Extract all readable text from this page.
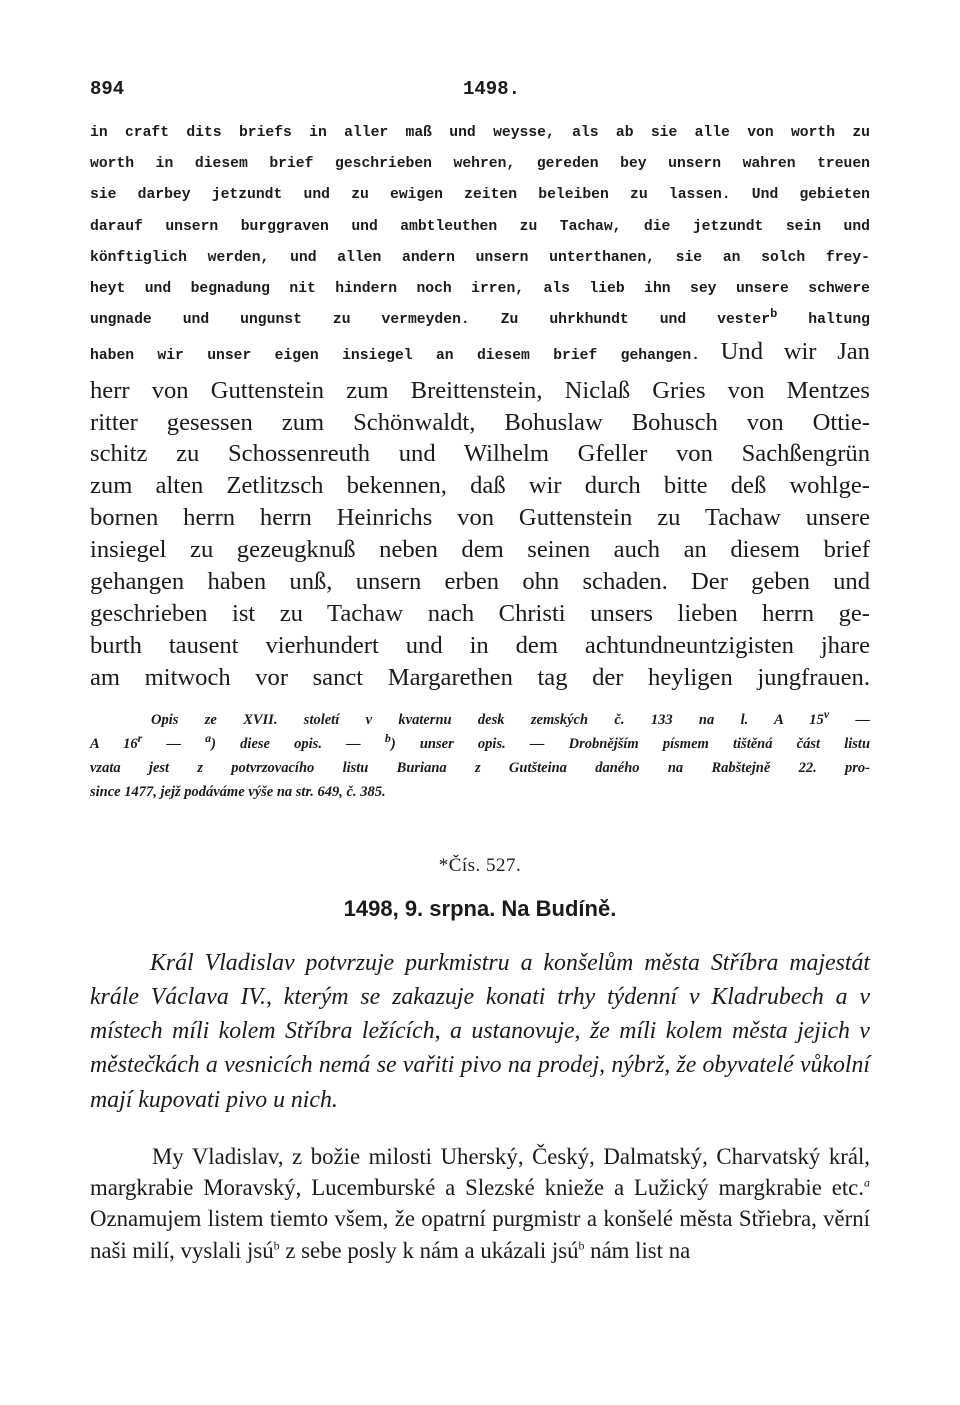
894	1498.
in craft dits briefs in aller maß und weysse, als ab sie alle von worth zu
worth in diesem brief geschrieben wehren, gereden bey unsern wahren treuen
sie darbey jetzundt und zu ewigen zeiten beleiben zu lassen. Und gebieten
darauf unsern burggraven und ambtleuthen zu Tachaw, die jetzundt sein und
könftiglich werden, und allen andern unsern unterthanen, sie an solch frey-
heyt und begnadung nit hindern noch irren, als lieb ihn sey unsere schwere
ungnade und ungunst zu vermeyden. Zu uhrkhundt und vester$^b$ haltung
haben wir unser eigen insiegel an diesem brief gehangen. Und wir Jan
herr von Guttenstein zum Breittenstein, Niclaß Gries von Mentzes
ritter gesessen zum Schönwaldt, Bohuslaw Bohusch von Ottie-
schitz zu Schossenreuth und Wilhelm Gfeller von Sachßengrün
zum alten Zetlitzsch bekennen, daß wir durch bitte deß wohlge-
bornen herrn herrn Heinrichs von Guttenstein zu Tachaw unsere
insiegel zu gezeugknuß neben dem seinen auch an diesem brief
gehangen haben unß, unsern erben ohn schaden. Der geben und
geschrieben ist zu Tachaw nach Christi unsers lieben herrn ge-
burth tausent vierhundert und in dem achtundneuntzigisten jhare
am mitwoch vor sanct Margarethen tag der heyligen jungfrauen.
Opis ze XVII. století v kvaternu desk zemských č. 133 na l. A 15$^v$ —
A 16$^r$ — $^a$) diese opis. — $^b$) unser opis. — Drobnějším písmem tištěná část listu
vzata jest z potvrzovacího listu Buriana z Gutšteina daného na Rabštejně 22. pro-
since 1477, jejž podáváme výše na str. 649, č. 385.
*Čís. 527.
1498, 9. srpna. Na Budíně.
Král Vladislav potvrzuje purkmistru a konšelům města Stříbra majestát krále Václava IV., kterým se zakazuje konati trhy týdenní v Kladrubech a v místech míli kolem Stříbra ležících, a ustanovuje, že míli kolem města jejich v městečkách a vesnicích nemá se vařiti pivo na prodej, nýbrž, že obyvatelé vůkolní mají kupovati pivo u nich.
My Vladislav, z božie milosti Uherský, Český, Dalmatský, Charvatský král, margkrabie Moravský, Lucemburské a Slezské knieže a Lužický margkrabie etc.$^a$ Oznamujem listem tiemto všem, že opatrní purgmistr a konšelé města Střiebra, věrní naši milí, vyslali jsú$^b$ z sebe posly k nám a ukázali jsú$^b$ nám list na
